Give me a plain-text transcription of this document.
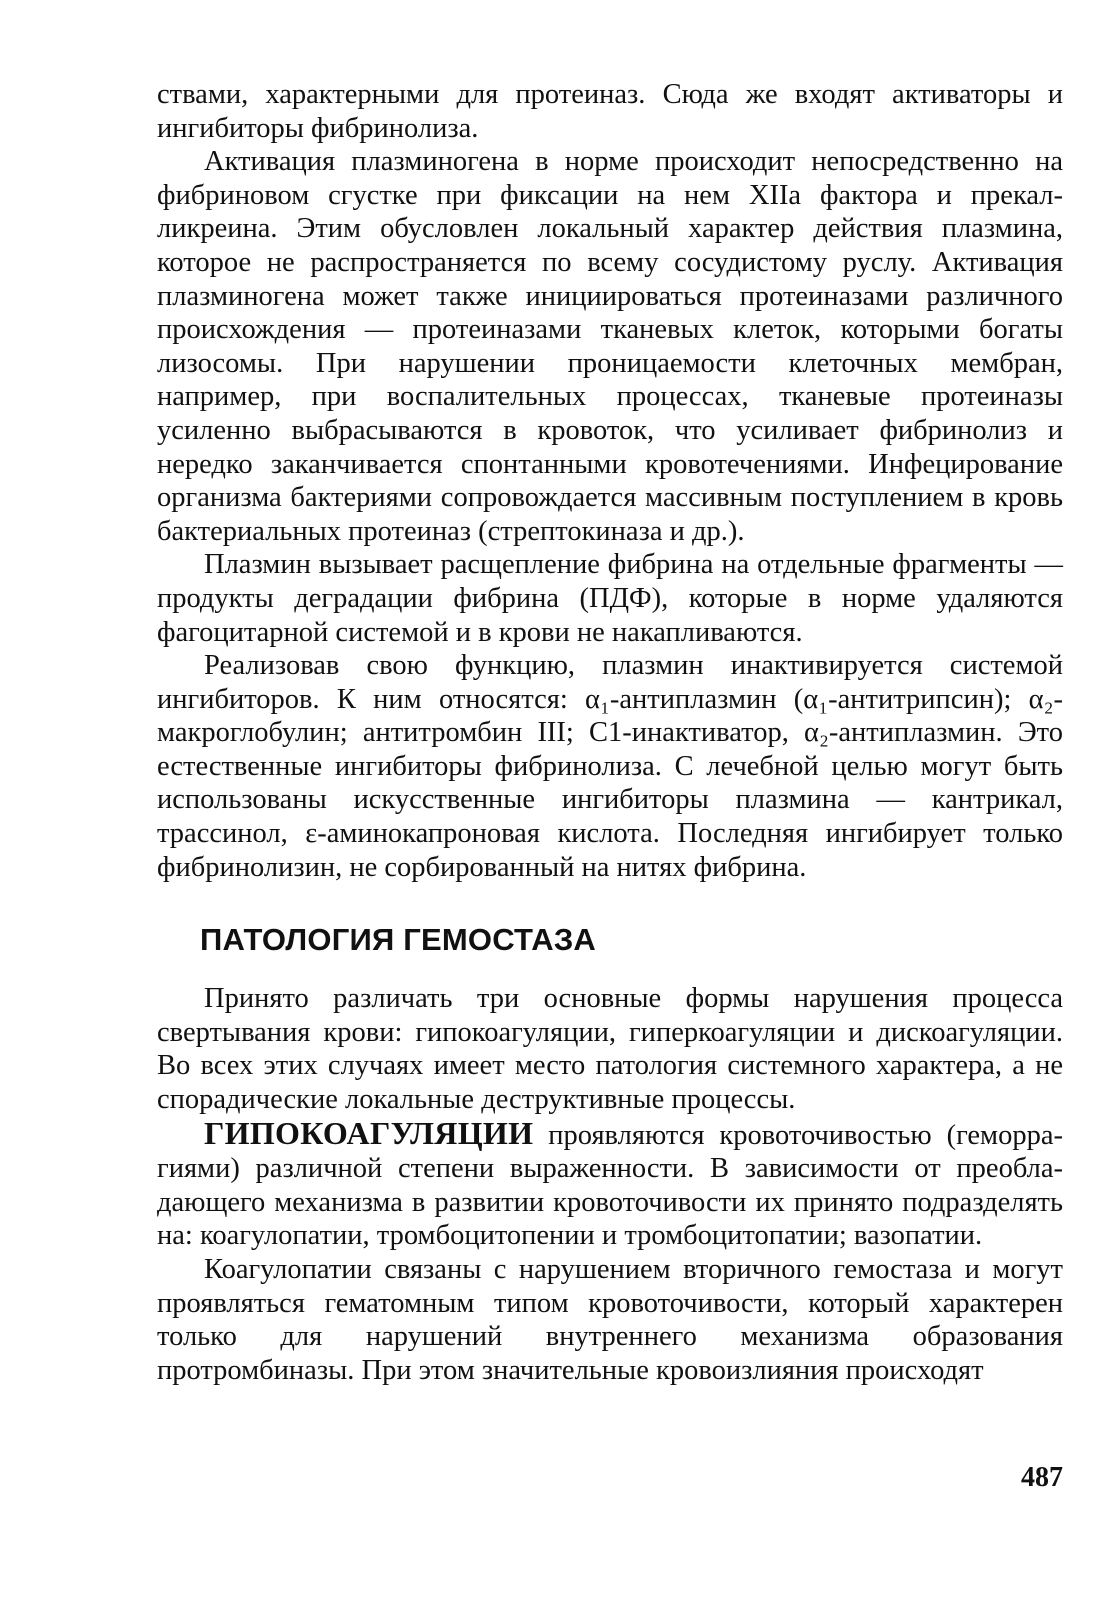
ствами, характерными для протеиназ. Сюда же входят активаторы и ингибиторы фибринолиза.

Активация плазминогена в норме происходит непосредственно на фибриновом сгустке при фиксации на нем XIIa фактора и прекалликреина. Этим обусловлен локальный характер действия плазмина, которое не распространяется по всему сосудистому руслу. Активация плазминогена может также инициироваться протеиназами различного происхождения — протеиназами тканевых клеток, которыми богаты лизосомы. При нарушении проницаемости клеточных мембран, например, при воспалительных процессах, тканевые протеиназы усиленно выбрасываются в кровоток, что усиливает фибринолиз и нередко заканчивается спонтанными кровотечениями. Инфецирование организма бактериями сопровождается массивным поступлением в кровь бактериальных протеиназ (стрептокиназа и др.).

Плазмин вызывает расщепление фибрина на отдельные фрагменты — продукты деградации фибрина (ПДФ), которые в норме удаляются фагоцитарной системой и в крови не накапливаются.

Реализовав свою функцию, плазмин инактивируется системой ингибиторов. К ним относятся: α₁-антиплазмин (α₁-антитрипсин); α₂-макроглобулин; антитромбин III; С1-инактиватор, α₂-антиплазмин. Это естественные ингибиторы фибринолиза. С лечебной целью могут быть использованы искусственные ингибиторы плазмина — кантрикал, трассинол, ε-аминокапроновая кислота. Последняя ингибирует только фибринолизин, не сорбированный на нитях фибрина.

ПАТОЛОГИЯ ГЕМОСТАЗА

Принято различать три основные формы нарушения процесса свертывания крови: гипокоагуляции, гиперкоагуляции и дискоагуляции. Во всех этих случаях имеет место патология системного характера, а не спорадические локальные деструктивные процессы.

ГИПОКОАГУЛЯЦИИ проявляются кровоточивостью (геморрагиями) различной степени выраженности. В зависимости от преобладающего механизма в развитии кровоточивости их принято подразделять на: коагулопатии, тромбоцитопении и тромбоцитопатии; вазопатии.

Коагулопатии связаны с нарушением вторичного гемостаза и могут проявляться гематомным типом кровоточивости, который характерен только для нарушений внутреннего механизма образования протромбиназы. При этом значительные кровоизлияния происходят

487
